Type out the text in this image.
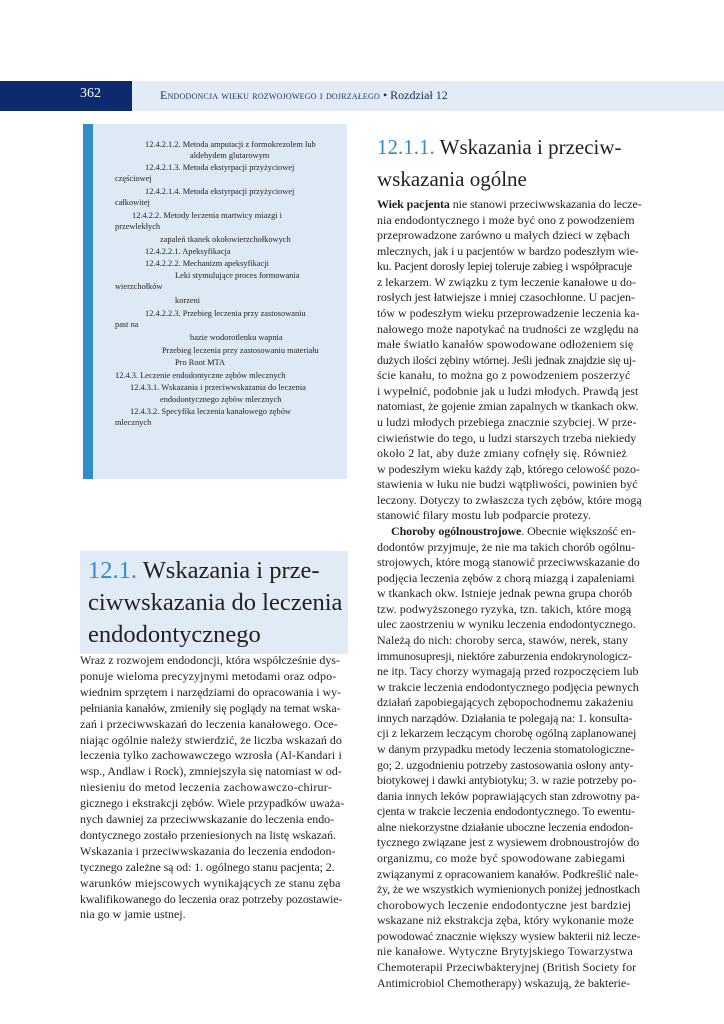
362	Endodoncja wieku rozwojowego i dojrzałego • Rozdział 12
12.4.2.1.2. Metoda amputacji z formokrezolem lub
aldehydem glutarowym
12.4.2.1.3. Metoda ekstyrpacji przyżyciowej
częściowej
12.4.2.1.4. Metoda ekstyrpacji przyżyciowej
całkowitej
12.4.2.2. Metody leczenia martwicy miazgi i
przewlekłych
zapaleń tkanek okołowierzchołkowych
12.4.2.2.1. Apeksyfikacja
12.4.2.2.2. Mechanizm apeksyfikacji
Leki stymulujące proces formowania
wierzchołków
korzeni
12.4.2.2.3. Przebieg leczenia przy zastosowaniu
past na
bazie wodorotlenku wapnia
Przebieg leczenia przy zastosowaniu materiału
Pro Root MTA
12.4.3. Leczenie endodontyczne zębów mlecznych
12.4.3.1. Wskazania i przeciwwskazania do leczenia
endodontycznego zębów mlecznych
12.4.3.2. Specyfika leczenia kanałowego zębów
mlecznych
12.1. Wskazania i prze-
ciwwskazania do leczenia
endodontycznego
12.1.1. Wskazania i przeciw-
wskazania ogólne
Wraz z rozwojem endodoncji, która współcześnie dys-
ponuje wieloma precyzyjnymi metodami oraz odpo-
wiednim sprzętem i narzędziami do opracowania i wy-
pełniania kanałów, zmieniły się poglądy na temat wska-
zań i przeciwwskazań do leczenia kanałowego. Oce-
niając ogólnie należy stwierdzić, że liczba wskazań do
leczenia tylko zachowawczego wzrosła (Al-Kandari i
wsp., Andlaw i Rock), zmniejszyła się natomiast w od-
niesieniu do metod leczenia zachowawczo-chirur-
gicznego i ekstrakcji zębów. Wiele przypadków uważa-
nych dawniej za przeciwwskazanie do leczenia endo-
dontycznego zostało przeniesionych na listę wskazań.
Wskazania i przeciwwskazania do leczenia endodon-
tycznego zależne są od: 1. ogólnego stanu pacjenta; 2.
warunków miejscowych wynikających ze stanu zęba
kwalifikowanego do leczenia oraz potrzeby pozostawie-
nia go w jamie ustnej.
Wiek pacjenta nie stanowi przeciwwskazania do lecze-
nia endodontycznego i może być ono z powodzeniem
przeprowadzone zarówno u małych dzieci w zębach
mlecznych, jak i u pacjentów w bardzo podeszłym wie-
ku. Pacjent dorosły lepiej toleruje zabieg i współpracuje
z lekarzem. W związku z tym leczenie kanałowe u do-
rosłych jest łatwiejsze i mniej czasochłonne. U pacjen-
tów w podeszłym wieku przeprowadzenie leczenia ka-
nałowego może napotykać na trudności ze względu na
małe światło kanałów spowodowane odłożeniem się
dużych ilości zębiny wtórnej. Jeśli jednak znajdzie się uj-
ście kanału, to można go z powodzeniem poszerzyć
i wypełnić, podobnie jak u ludzi młodych. Prawdą jest
natomiast, że gojenie zmian zapalnych w tkankach okw.
u ludzi młodych przebiega znacznie szybciej. W prze-
ciwieństwie do tego, u ludzi starszych trzeba niekiedy
około 2 lat, aby duże zmiany cofnęły się. Również
w podeszłym wieku każdy ząb, którego celowość pozo-
stawienia w łuku nie budzi wątpliwości, powinien być
leczony. Dotyczy to zwłaszcza tych zębów, które mogą
stanowić filary mostu lub podparcie protezy.
Choroby ogólnoustrojowe. Obecnie większość en-
dodontów przyjmuje, że nie ma takich chorób ogólnu-
strojowych, które mogą stanowić przeciwwskazanie do
podjęcia leczenia zębów z chorą miazgą i zapaleniami
w tkankach okw. Istnieje jednak pewna grupa chorób
tzw. podwyższonego ryzyka, tzn. takich, które mogą
ulec zaostrzeniu w wyniku leczenia endodontycznego.
Należą do nich: choroby serca, stawów, nerek, stany
immunosupresji, niektóre zaburzenia endokrynologicz-
ne itp. Tacy chorzy wymagają przed rozpoczęciem lub
w trakcie leczenia endodontycznego podjęcia pewnych
działań zapobiegających zębopochodnemu zakażeniu
innych narządów. Działania te polegają na: 1. konsulta-
cji z lekarzem leczącym chorobę ogólną zaplanowanej
w danym przypadku metody leczenia stomatologiczne-
go; 2. uzgodnieniu potrzeby zastosowania osłony anty-
biotykowej i dawki antybiotyku; 3. w razie potrzeby po-
dania innych leków poprawiających stan zdrowotny pa-
cjenta w trakcie leczenia endodontycznego. To ewentu-
alne niekorzystne działanie uboczne leczenia endodon-
tycznego związane jest z wysiewem drobnoustrojów do
organizmu, co może być spowodowane zabiegami
związanymi z opracowaniem kanałów. Podkreślić nale-
ży, że we wszystkich wymienionych poniżej jednostkach
chorobowych leczenie endodontyczne jest bardziej
wskazane niż ekstrakcja zęba, który wykonanie może
powodować znacznie większy wysiew bakterii niż lecze-
nie kanałowe. Wytyczne Brytyjskiego Towarzystwa
Chemoterapii Przeciwbakteryjnej (British Society for
Antimicrobiol Chemotherapy) wskazują, że bakterie-
